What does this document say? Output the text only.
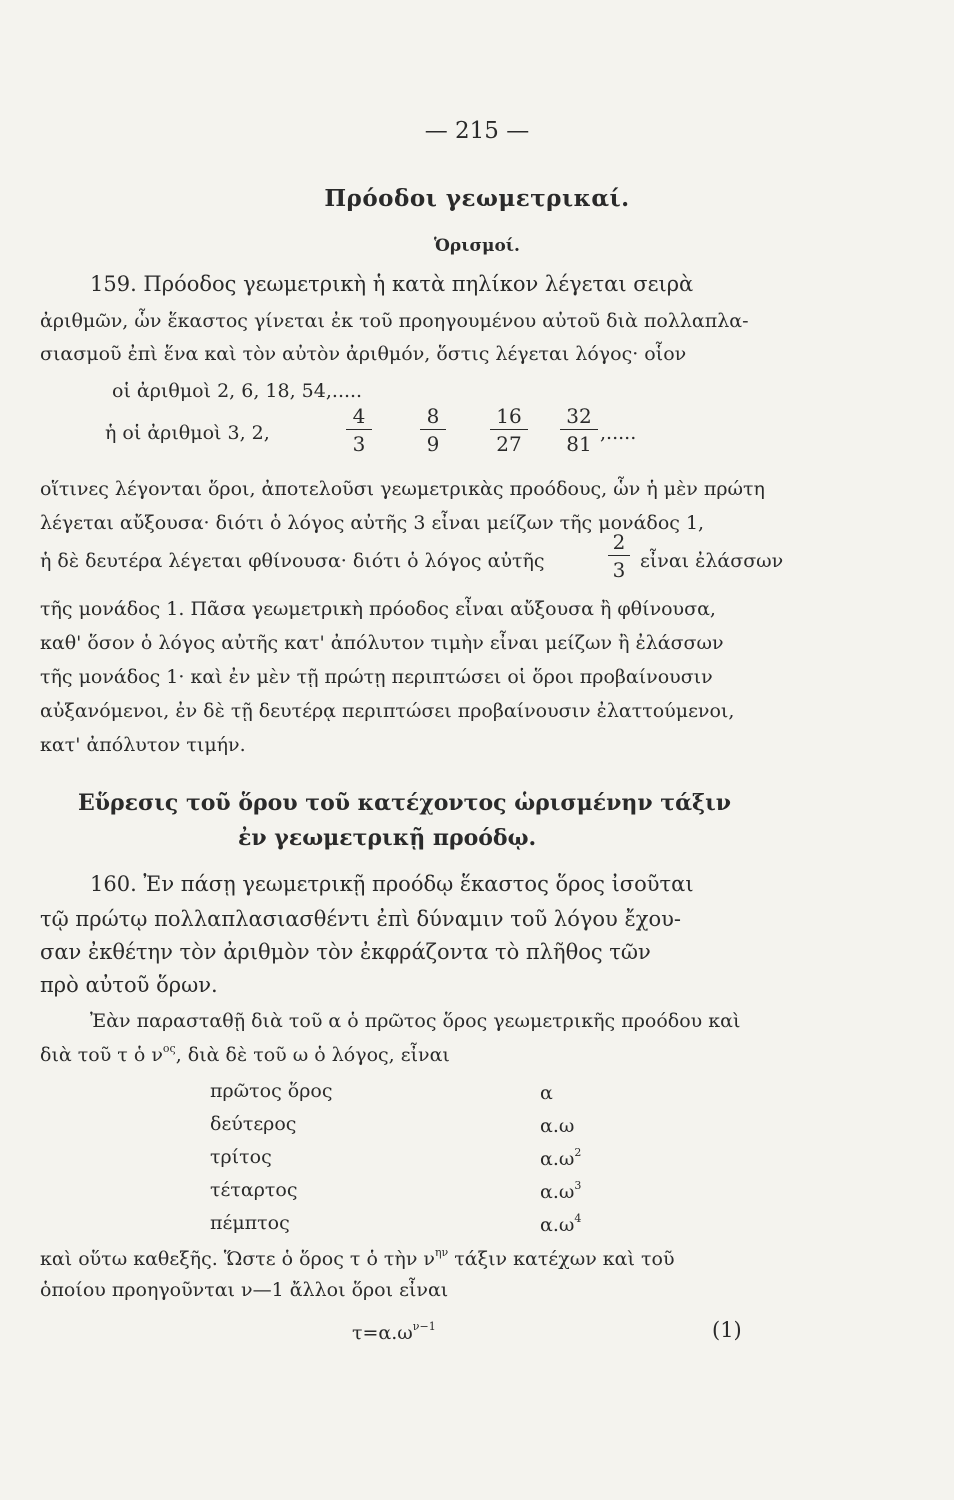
— 215 —
Πρόοδοι γεωμετρικαί.
Ὁρισμοί.
159. Πρόοδος γεωμετρικὴ ἡ κατὰ πηλίκον λέγεται σειρὰ
ἀριθμῶν, ὧν ἕκαστος γίνεται ἐκ τοῦ προηγουμένου αὐτοῦ διὰ πολλαπλα-
σιασμοῦ ἐπὶ ἕνα καὶ τὸν αὐτὸν ἀριθμόν, ὅστις λέγεται λόγος· οἷον
οἱ ἀριθμοὶ 2, 6, 18, 54,.....
ἡ οἱ ἀριθμοὶ 3, 2,
4
3
8
9
16
27
32
81 ,.....
οἵτινες λέγονται ὅροι, ἀποτελοῦσι γεωμετρικὰς προόδους, ὧν ἡ μὲν πρώτη
λέγεται αὔξουσα· διότι ὁ λόγος αὐτῆς 3 εἶναι μείζων τῆς μονάδος 1,
ἡ δὲ δευτέρα λέγεται φθίνουσα· διότι ὁ λόγος αὐτῆς
2
3 εἶναι ἐλάσσων
τῆς μονάδος 1. Πᾶσα γεωμετρικὴ πρόοδος εἶναι αὔξουσα ἢ φθίνουσα,
καθ' ὅσον ὁ λόγος αὐτῆς κατ' ἀπόλυτον τιμὴν εἶναι μείζων ἢ ἐλάσσων
τῆς μονάδος 1· καὶ ἐν μὲν τῇ πρώτῃ περιπτώσει οἱ ὅροι προβαίνουσιν
αὐξανόμενοι, ἐν δὲ τῇ δευτέρᾳ περιπτώσει προβαίνουσιν ἐλαττούμενοι,
κατ' ἀπόλυτον τιμήν.
Εὕρεσις τοῦ ὅρου τοῦ κατέχοντος ὡρισμένην τάξιν
ἐν γεωμετρικῇ προόδῳ.
160. Ἐν πάσῃ γεωμετρικῇ προόδῳ ἕκαστος ὅρος ἰσοῦται
τῷ πρώτῳ πολλαπλασιασθέντι ἐπὶ δύναμιν τοῦ λόγου ἔχου-
σαν ἐκθέτην τὸν ἀριθμὸν τὸν ἐκφράζοντα τὸ πλῆθος τῶν
πρὸ αὐτοῦ ὅρων.
Ἐὰν παρασταθῇ διὰ τοῦ α ὁ πρῶτος ὅρος γεωμετρικῆς προόδου καὶ
διὰ τοῦ τ ὁ $\nu^{o\varsigma}$, διὰ δὲ τοῦ ω ὁ λόγος, εἶναι
πρῶτος ὅρος	α
δεύτερος	α.ω
τρίτος	$\alpha.\omega^2$
τέταρτος	$\alpha.\omega^3$
πέμπτος	$\alpha.\omega^4$
καὶ οὕτω καθεξῆς. Ὥστε ὁ ὅρος τ ὁ τὴν $\nu^{\eta\nu}$ τάξιν κατέχων καὶ τοῦ
ὁποίου προηγοῦνται ν—1 ἄλλοι ὅροι εἶναι
$\tau=\alpha.\omega^{\nu-1}$	(1)
